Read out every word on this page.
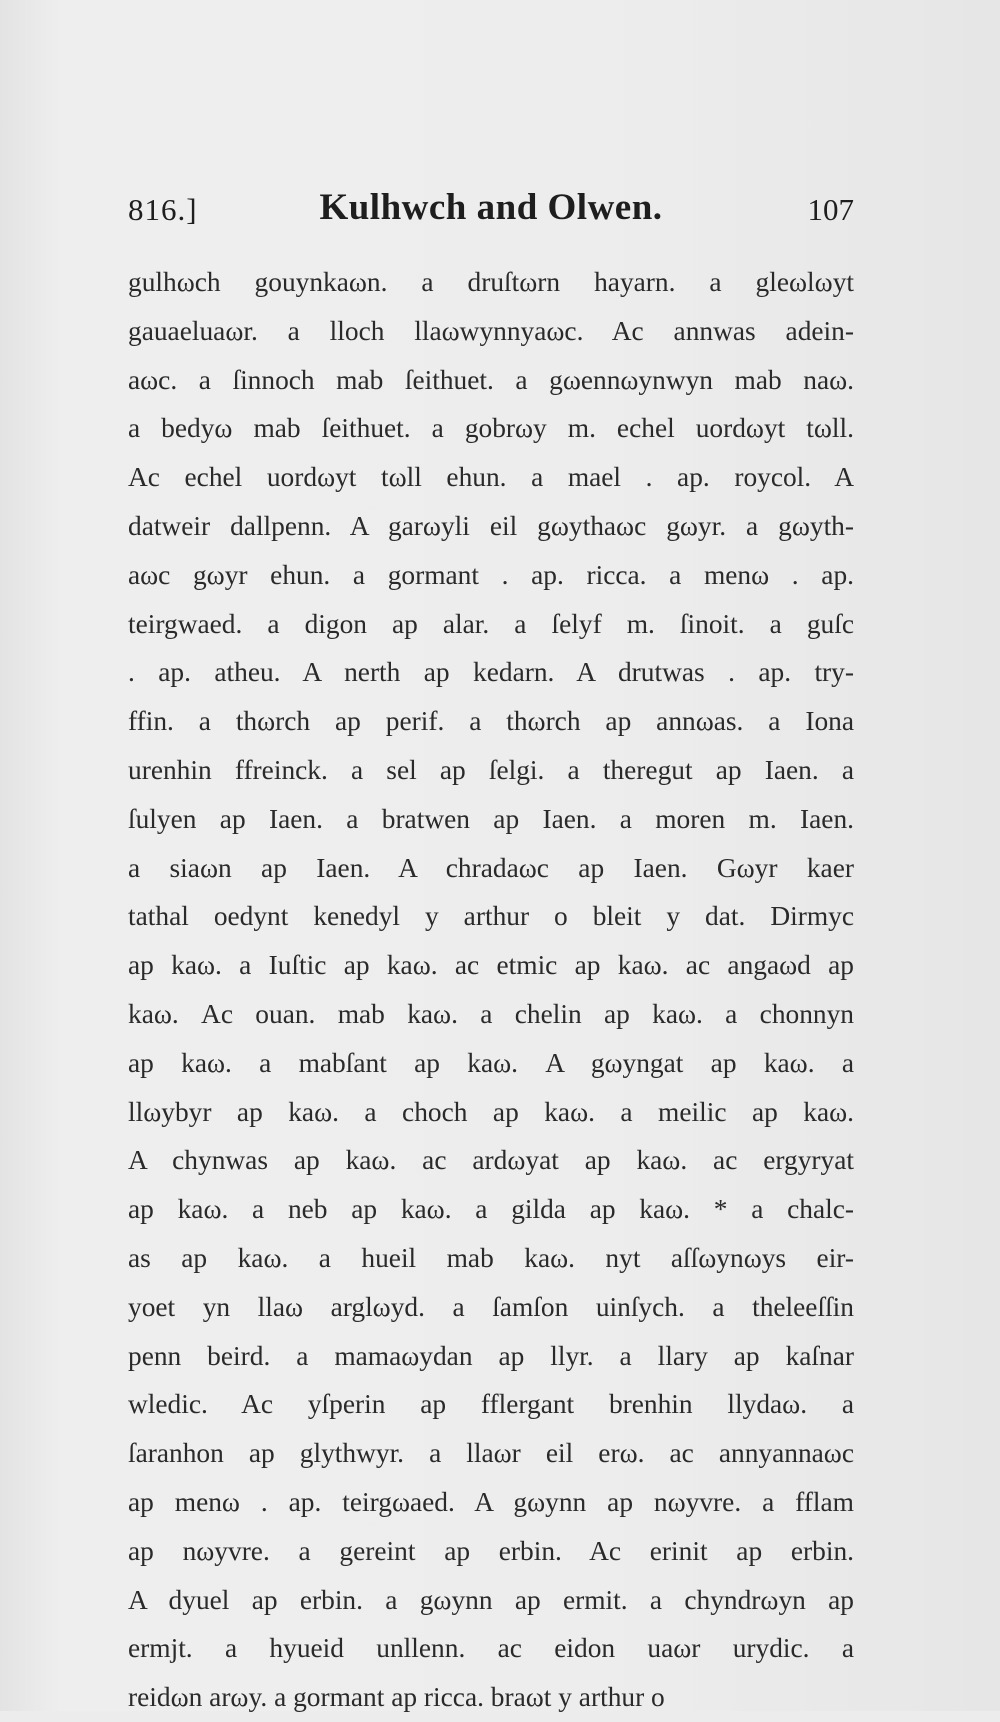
816.]	Kulhwch and Olwen.	107
gulhωch gouynkaωn. a druſtωrn hayarn. a gleωlωyt
gauaeluaωr. a lloch llaωwynnyaωc. Ac annwas adein-
aωc. a ſinnoch mab ſeithuet. a gωennωynwyn mab naω.
a bedyω mab ſeithuet. a gobrωy m. echel uordωyt tωll.
Ac echel uordωyt tωll ehun. a mael . ap. roycol. A
datweir dallpenn. A garωyli eil gωythaωc gωyr. a gωyth-
aωc gωyr ehun. a gormant . ap. ricca. a menω . ap.
teirgwaed. a digon ap alar. a ſelyf m. ſinoit. a guſc
. ap. atheu. A nerth ap kedarn. A drutwas . ap. try-
ffin. a thωrch ap perif. a thωrch ap annωas. a Iona
urenhin ffreinck. a sel ap ſelgi. a theregut ap Iaen. a
ſulyen ap Iaen. a bratwen ap Iaen. a moren m. Iaen.
a siaωn ap Iaen. A chradaωc ap Iaen. Gωyr kaer
tathal oedynt kenedyl y arthur o bleit y dat. Dirmyc
ap kaω. a Iuſtic ap kaω. ac etmic ap kaω. ac angaωd ap
kaω. Ac ouan. mab kaω. a chelin ap kaω. a chonnyn
ap kaω. a mabſant ap kaω. A gωyngat ap kaω. a
llωybyr ap kaω. a choch ap kaω. a meilic ap kaω.
A chynwas ap kaω. ac ardωyat ap kaω. ac ergyryat
ap kaω. a neb ap kaω. a gilda ap kaω. * a chalc-
as ap kaω. a hueil mab kaω. nyt aſſωynωys eir-
yoet yn llaω arglωyd. a ſamſon uinſych. a theleeſſin
penn beird. a mamaωydan ap llyr. a llary ap kaſnar
wledic. Ac yſperin ap fflergant brenhin llydaω. a
ſaranhon ap glythwyr. a llaωr eil erω. ac annyannaωc
ap menω . ap. teirgωaed. A gωynn ap nωyvre. a fflam
ap nωyvre. a gereint ap erbin. Ac erinit ap erbin.
A dyuel ap erbin. a gωynn ap ermit. a chyndrωyn ap
ermjt. a hyueid unllenn. ac eidon uaωr urydic. a
reidωn arωy. a gormant ap ricca. braωt y arthur o
